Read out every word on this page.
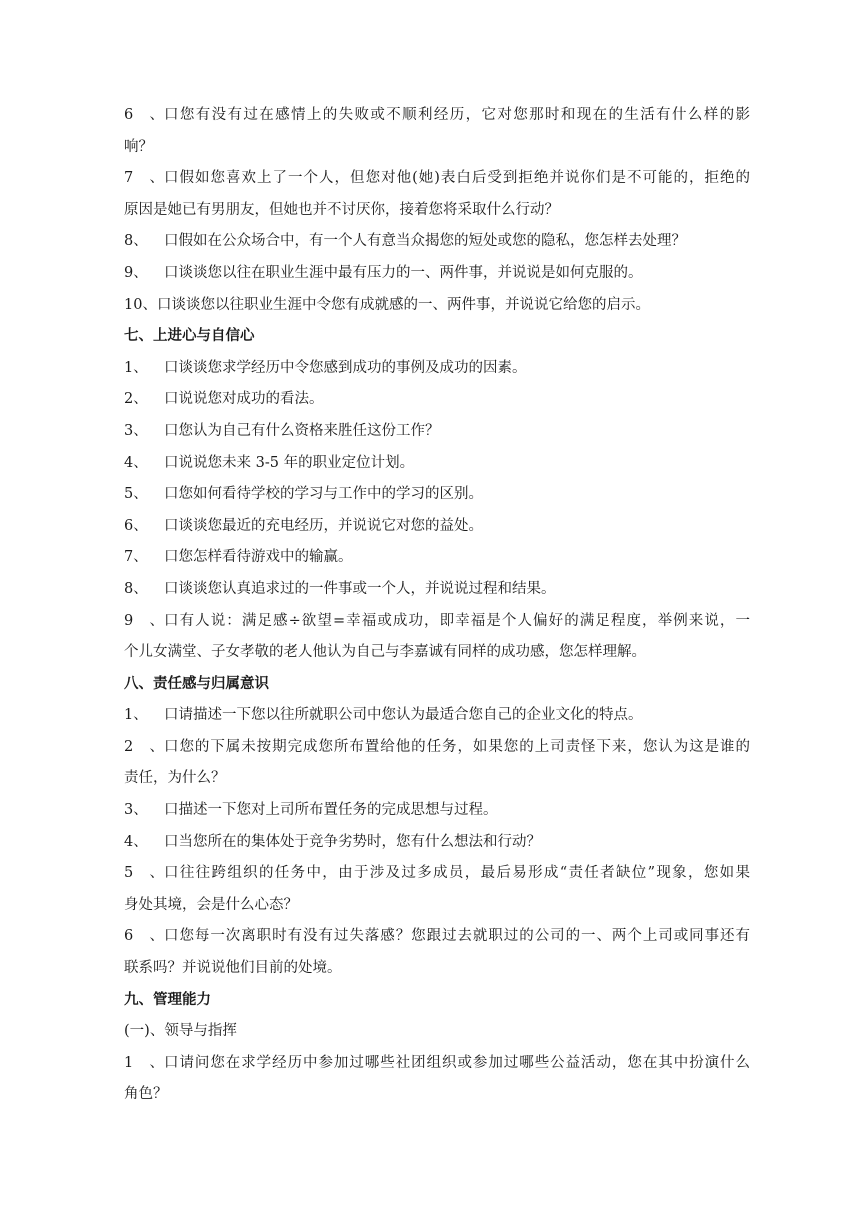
6、 口您有没有过在感情上的失败或不顺利经历，它对您那时和现在的生活有什么样的影
响？
7、 口假如您喜欢上了一个人，但您对他(她)表白后受到拒绝并说你们是不可能的，拒绝的
原因是她已有男朋友，但她也并不讨厌你，接着您将采取什么行动？
8、	口假如在公众场合中，有一个人有意当众揭您的短处或您的隐私，您怎样去处理？
9、	口谈谈您以往在职业生涯中最有压力的一、两件事，并说说是如何克服的。
10、 口谈谈您以往职业生涯中令您有成就感的一、两件事，并说说它给您的启示。
七、上进心与自信心
1、	口谈谈您求学经历中令您感到成功的事例及成功的因素。
2、	口说说您对成功的看法。
3、	口您认为自己有什么资格来胜任这份工作？
4、	口说说您未来 3-5 年的职业定位计划。
5、	口您如何看待学校的学习与工作中的学习的区别。
6、	口谈谈您最近的充电经历，并说说它对您的益处。
7、	口您怎样看待游戏中的输赢。
8、	口谈谈您认真追求过的一件事或一个人，并说说过程和结果。
9、 口有人说：满足感÷欲望=幸福或成功，即幸福是个人偏好的满足程度，举例来说，一
个儿女满堂、子女孝敬的老人他认为自己与李嘉诚有同样的成功感，您怎样理解。
八、责任感与归属意识
1、	口请描述一下您以往所就职公司中您认为最适合您自己的企业文化的特点。
2、 口您的下属未按期完成您所布置给他的任务，如果您的上司责怪下来，您认为这是谁的
责任，为什么？
3、	口描述一下您对上司所布置任务的完成思想与过程。
4、	口当您所在的集体处于竞争劣势时，您有什么想法和行动？
5、 口往往跨组织的任务中，由于涉及过多成员，最后易形成“责任者缺位”现象，您如果
身处其境，会是什么心态？
6、 口您每一次离职时有没有过失落感？您跟过去就职过的公司的一、两个上司或同事还有
联系吗？并说说他们目前的处境。
九、管理能力
(一)、领导与指挥
1、 口请问您在求学经历中参加过哪些社团组织或参加过哪些公益活动，您在其中扮演什么
角色？
